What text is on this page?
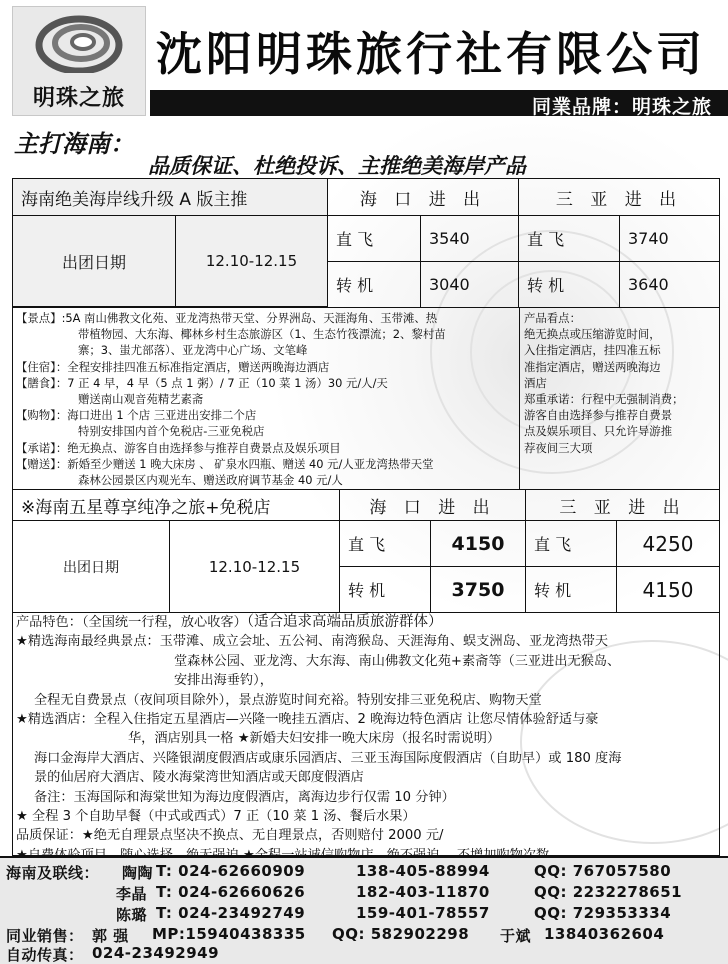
明珠之旅
沈阳明珠旅行社有限公司
同業品牌：明珠之旅
主打海南：
品质保证、杜绝投诉、主推绝美海岸产品
海南绝美海岸线升级 A 版主推	海 口 进 出	三 亚 进 出
出团日期	12.10-12.15
直 飞	3540	直 飞	3740
转 机	3040	转 机	3640

【景点】:5A 南山佛教文化苑、亚龙湾热带天堂、分界洲岛、天涯海角、玉带滩、热

带植物园、大东海、椰林乡村生态旅游区（1、生态竹筏漂流；2、黎村苗

寨；3、蚩尤部落）、亚龙湾中心广场、文笔峰

【住宿】：全程安排挂四准五标准指定酒店，赠送两晚海边酒店

【膳食】：7 正 4 早，4 早（5 点 1 粥）/ 7 正（10 菜 1 汤）30 元/人/天

赠送南山观音苑精艺素斋

【购物】：海口进出 1 个店 三亚进出安排二个店

特别安排国内首个免税店-三亚免税店

【承诺】：绝无换点、游客自由选择参与推荐自费景点及娱乐项目

【赠送】：新婚至少赠送 1 晚大床房 、 矿泉水四瓶、赠送 40 元/人亚龙湾热带天堂

森林公园景区内观光车、赠送政府调节基金 40 元/人

产品看点：

绝无换点或压缩游览时间，

入住指定酒店，挂四准五标

准指定酒店，赠送两晚海边

酒店

郑重承诺：行程中无强制消费；

游客自由选择参与推荐自费景

点及娱乐项目、只允许导游推

荐夜间三大项

※海南五星尊享纯净之旅+免税店	海 口 进 出	三 亚 进 出
出团日期	12.10-12.15
直 飞	4150	直 飞	4250
转 机	3750	转 机	4150

产品特色：（全国统一行程，放心收客）（适合追求高端品质旅游群体）

★精选海南最经典景点：玉带滩、成立会址、五公祠、南湾猴岛、天涯海角、蜈支洲岛、亚龙湾热带天

堂森林公园、亚龙湾、大东海、南山佛教文化苑+素斋等（三亚进出无猴岛、

安排出海垂钓），

全程无自费景点（夜间项目除外），景点游览时间充裕。特别安排三亚免税店、购物天堂

★精选酒店：全程入住指定五星酒店—兴隆一晚挂五酒店、2 晚海边特色酒店 让您尽情体验舒适与豪

华，酒店别具一格 ★新婚夫妇安排一晚大床房（报名时需说明）

海口金海岸大酒店、兴隆银湖度假酒店或康乐园酒店、三亚玉海国际度假酒店（自助早）或 180 度海

景的仙居府大酒店、陵水海棠湾世知酒店或天郎度假酒店

备注：玉海国际和海棠世知为海边度假酒店，离海边步行仅需 10 分钟）

★ 全程 3 个自助早餐（中式或西式）7 正（10 菜 1 汤、餐后水果）

品质保证：★绝无自理景点坚决不换点、无自理景点，否则赔付 2000 元/

海南及联线： 陶陶 T: 024-62660909	138-405-88994	QQ: 767057580
李晶 T: 024-62660626	182-403-11870	QQ: 2232278651
陈璐 T: 024-23492749	159-401-78557	QQ: 729353334
同业销售： 郭 强 MP:15940438335 QQ: 582902298 于斌 13840362604
自动传真： 024-23492949
